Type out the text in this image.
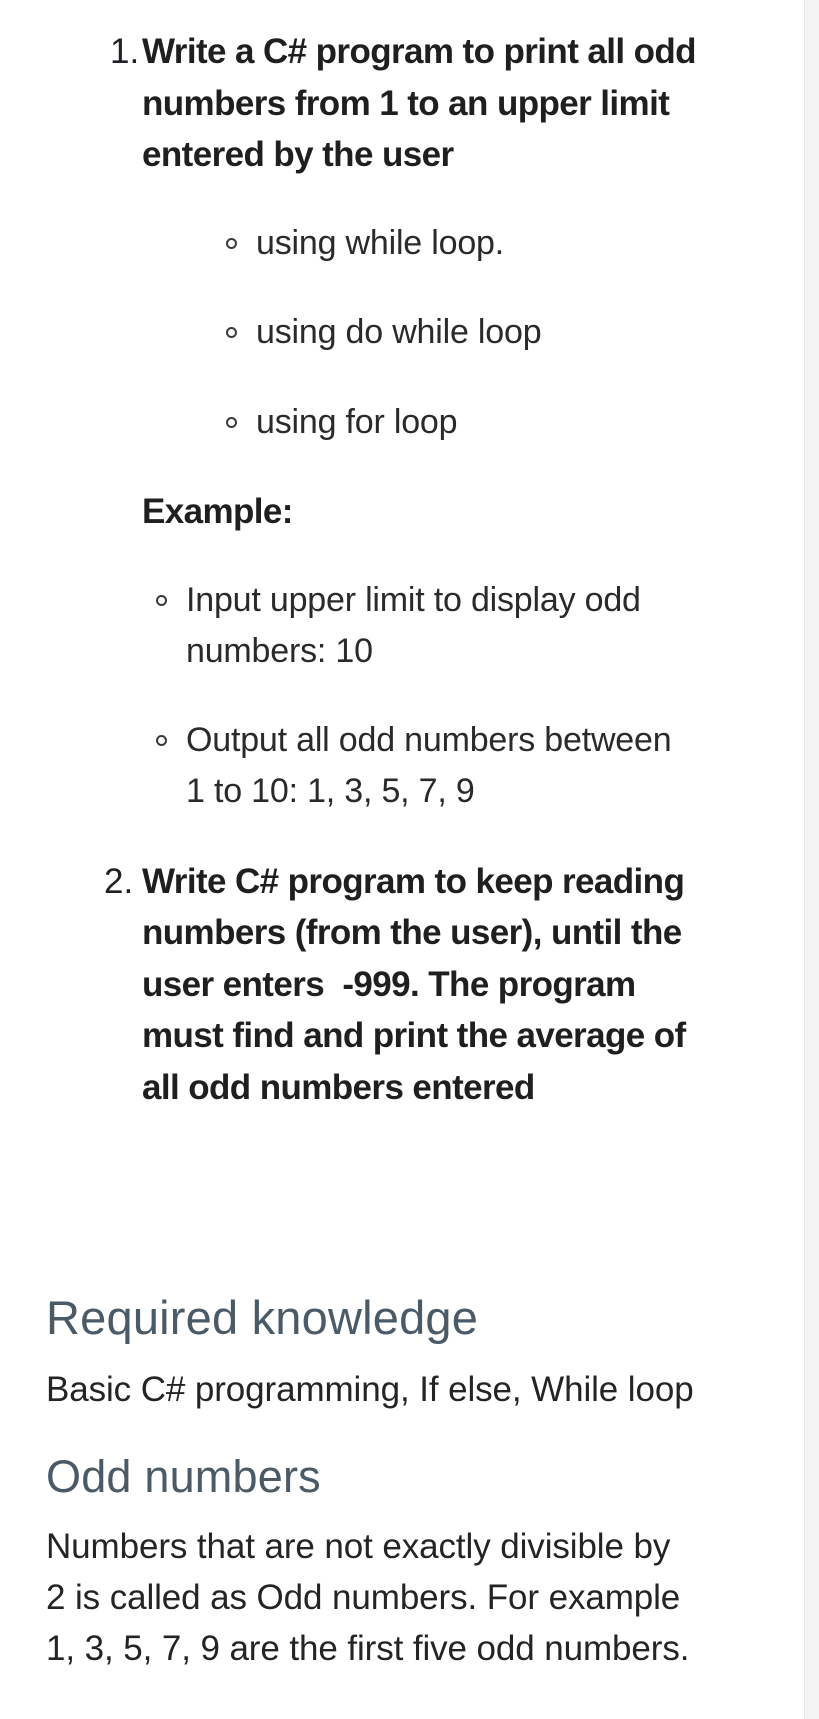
1. Write a C# program to print all odd
numbers from 1 to an upper limit
entered by the user
using while loop.
using do while loop
using for loop
Example:
Input upper limit to display odd
numbers: 10
Output all odd numbers between
1 to 10: 1, 3, 5, 7, 9
2. Write C# program to keep reading
numbers (from the user), until the
user enters  -999. The program
must find and print the average of
all odd numbers entered
Required knowledge
Basic C# programming, If else, While loop
Odd numbers
Numbers that are not exactly divisible by
2 is called as Odd numbers. For example
1, 3, 5, 7, 9 are the first five odd numbers.
